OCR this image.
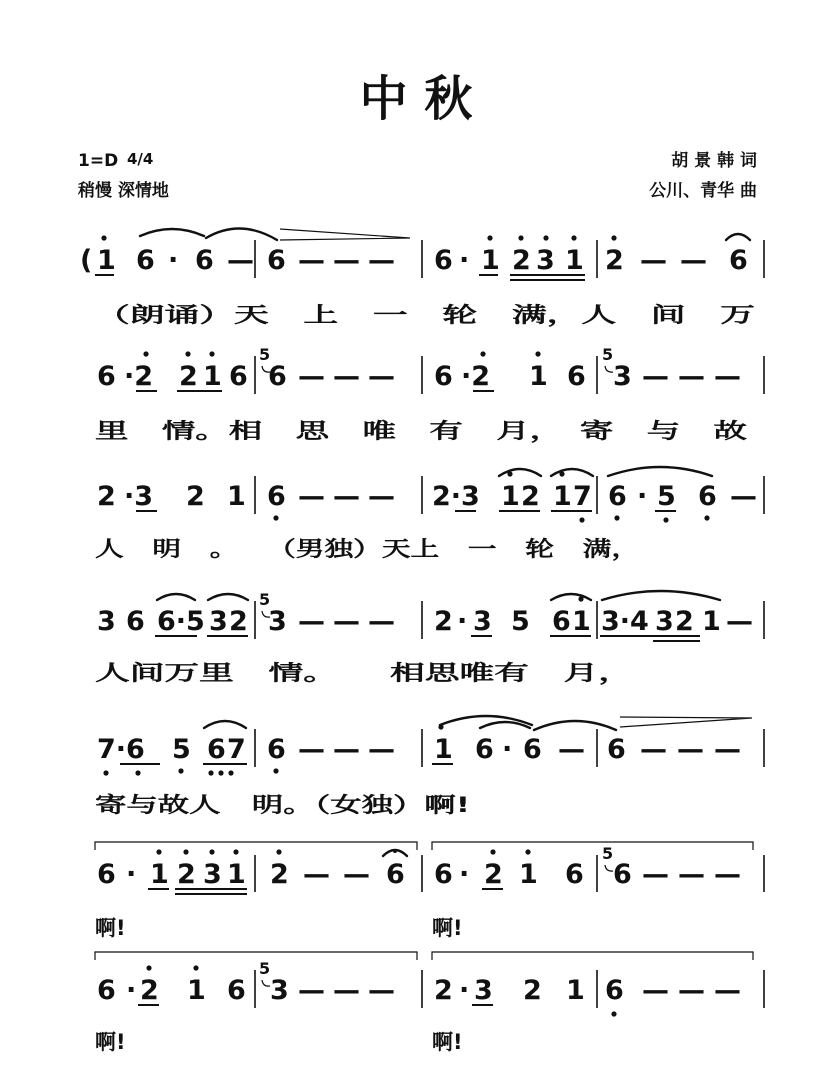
中 秋
1=D 4/4
稍慢 深情地
胡 景 韩 词
公川、青华 曲
( 1 6 · 6 — 6 — — — 6 · 1 2 3 1 2 — — 6
（朗诵）天　上　一　轮　满，人　间　万
6 ·2 2 1 6
5
6 — — — 6 ·2 1 6
5
3 — — —
里　情。相　思　唯　有　月，　寄　与　故
2 ·3 2 1 6 — — — 2·3 1 2 1 7 6 · 5 6 —
人　明　。　　（男独）天上　一　轮　满，
3 6 6·5 3 2
5
3 — — — 2 · 3 5 6 1 3·4 3 2 1 —
人间万里　情。　　相思唯有　月，
7·6 5 6 7 6 — — — 1 6 · 6 — 6 — — —
寄与故人　明。（女独）啊!
6 · 1 2 3 1 2 — — 6 6 · 2 1 6
5
6 — — —
啊!	啊!
6 · 2 1 6
5
3 — — — 2 · 3 2 1 6 — — —
啊!	啊!
